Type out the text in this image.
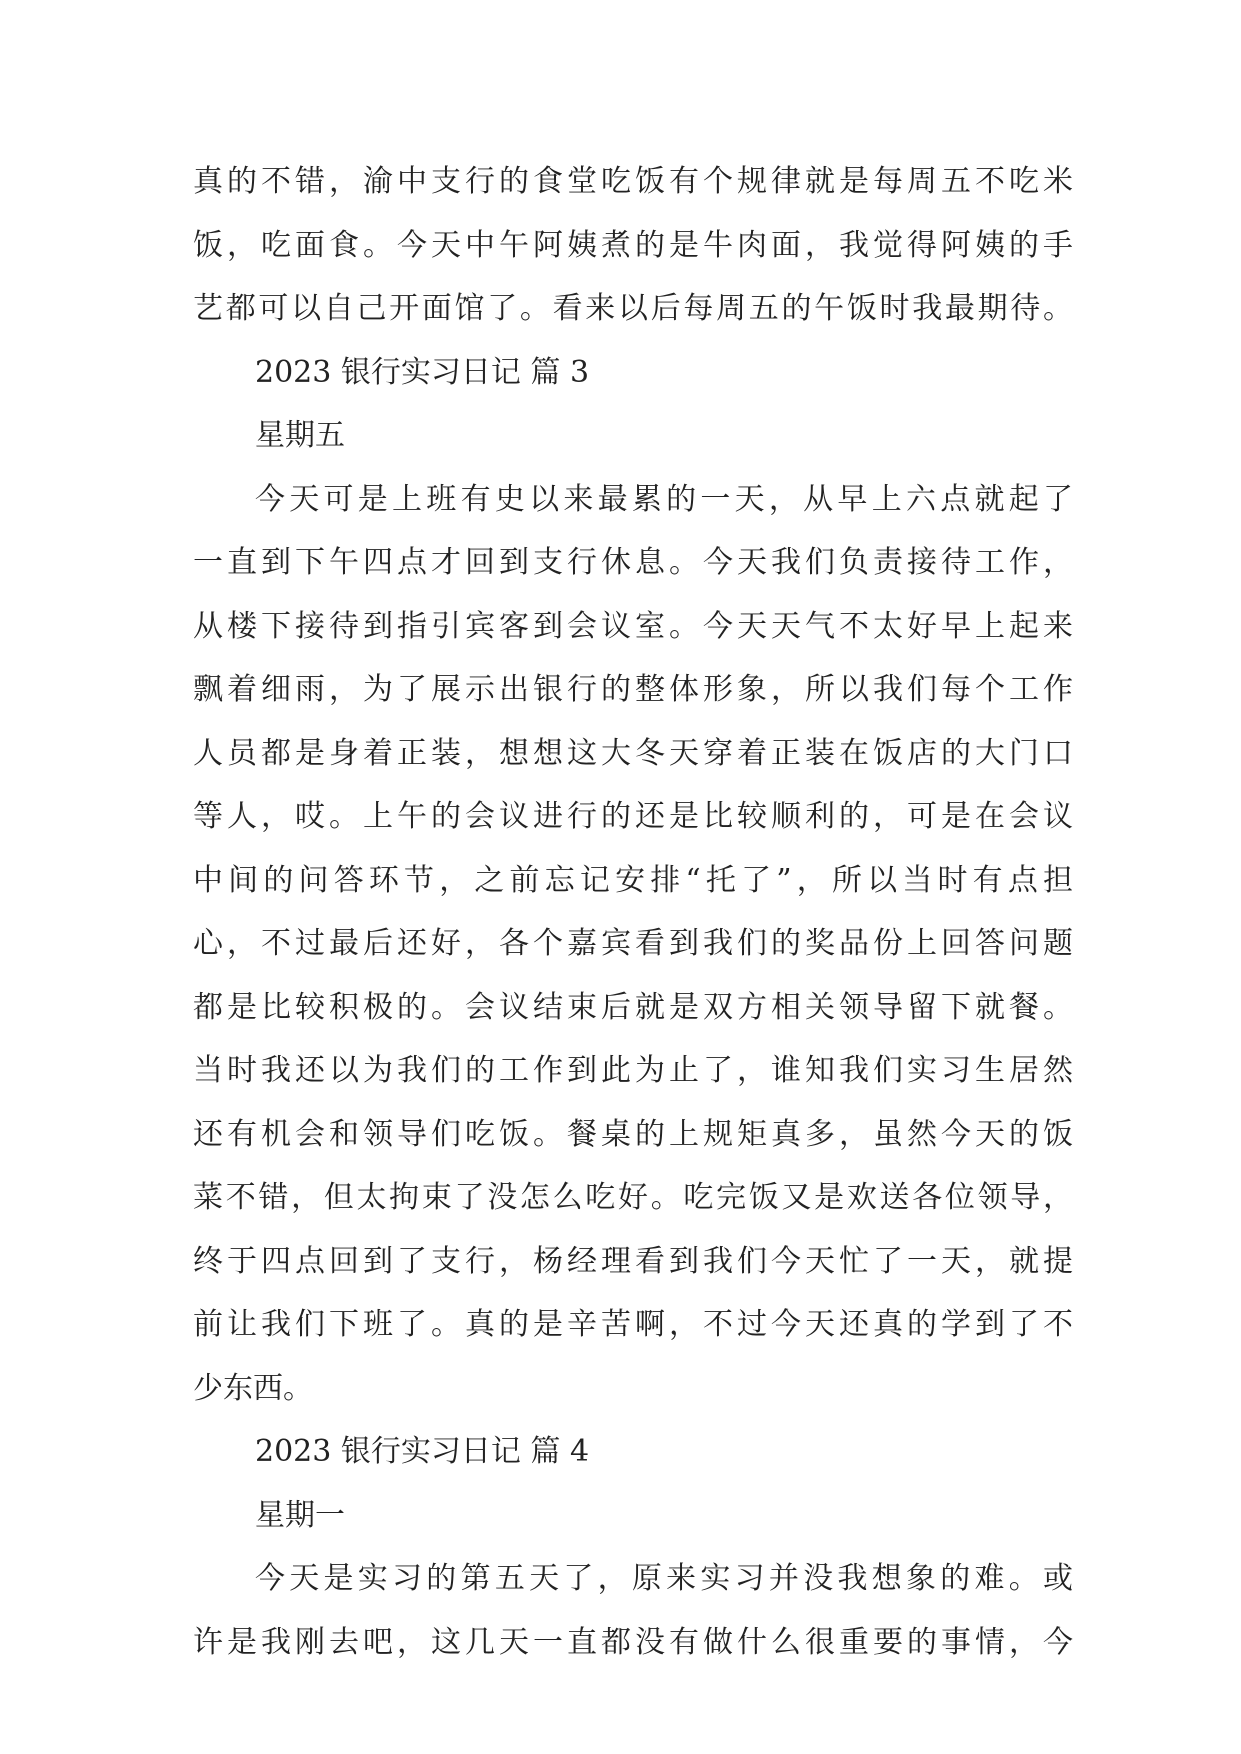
真的不错，渝中支行的食堂吃饭有个规律就是每周五不吃米
饭，吃面食。今天中午阿姨煮的是牛肉面，我觉得阿姨的手
艺都可以自己开面馆了。看来以后每周五的午饭时我最期待。
2023 银行实习日记 篇 3
星期五
今天可是上班有史以来最累的一天，从早上六点就起了
一直到下午四点才回到支行休息。今天我们负责接待工作，
从楼下接待到指引宾客到会议室。今天天气不太好早上起来
飘着细雨，为了展示出银行的整体形象，所以我们每个工作
人员都是身着正装，想想这大冬天穿着正装在饭店的大门口
等人，哎。上午的会议进行的还是比较顺利的，可是在会议
中间的问答环节，之前忘记安排“托了”，所以当时有点担
心，不过最后还好，各个嘉宾看到我们的奖品份上回答问题
都是比较积极的。会议结束后就是双方相关领导留下就餐。
当时我还以为我们的工作到此为止了，谁知我们实习生居然
还有机会和领导们吃饭。餐桌的上规矩真多，虽然今天的饭
菜不错，但太拘束了没怎么吃好。吃完饭又是欢送各位领导，
终于四点回到了支行，杨经理看到我们今天忙了一天，就提
前让我们下班了。真的是辛苦啊，不过今天还真的学到了不
少东西。
2023 银行实习日记 篇 4
星期一
今天是实习的第五天了，原来实习并没我想象的难。或
许是我刚去吧，这几天一直都没有做什么很重要的事情，今
